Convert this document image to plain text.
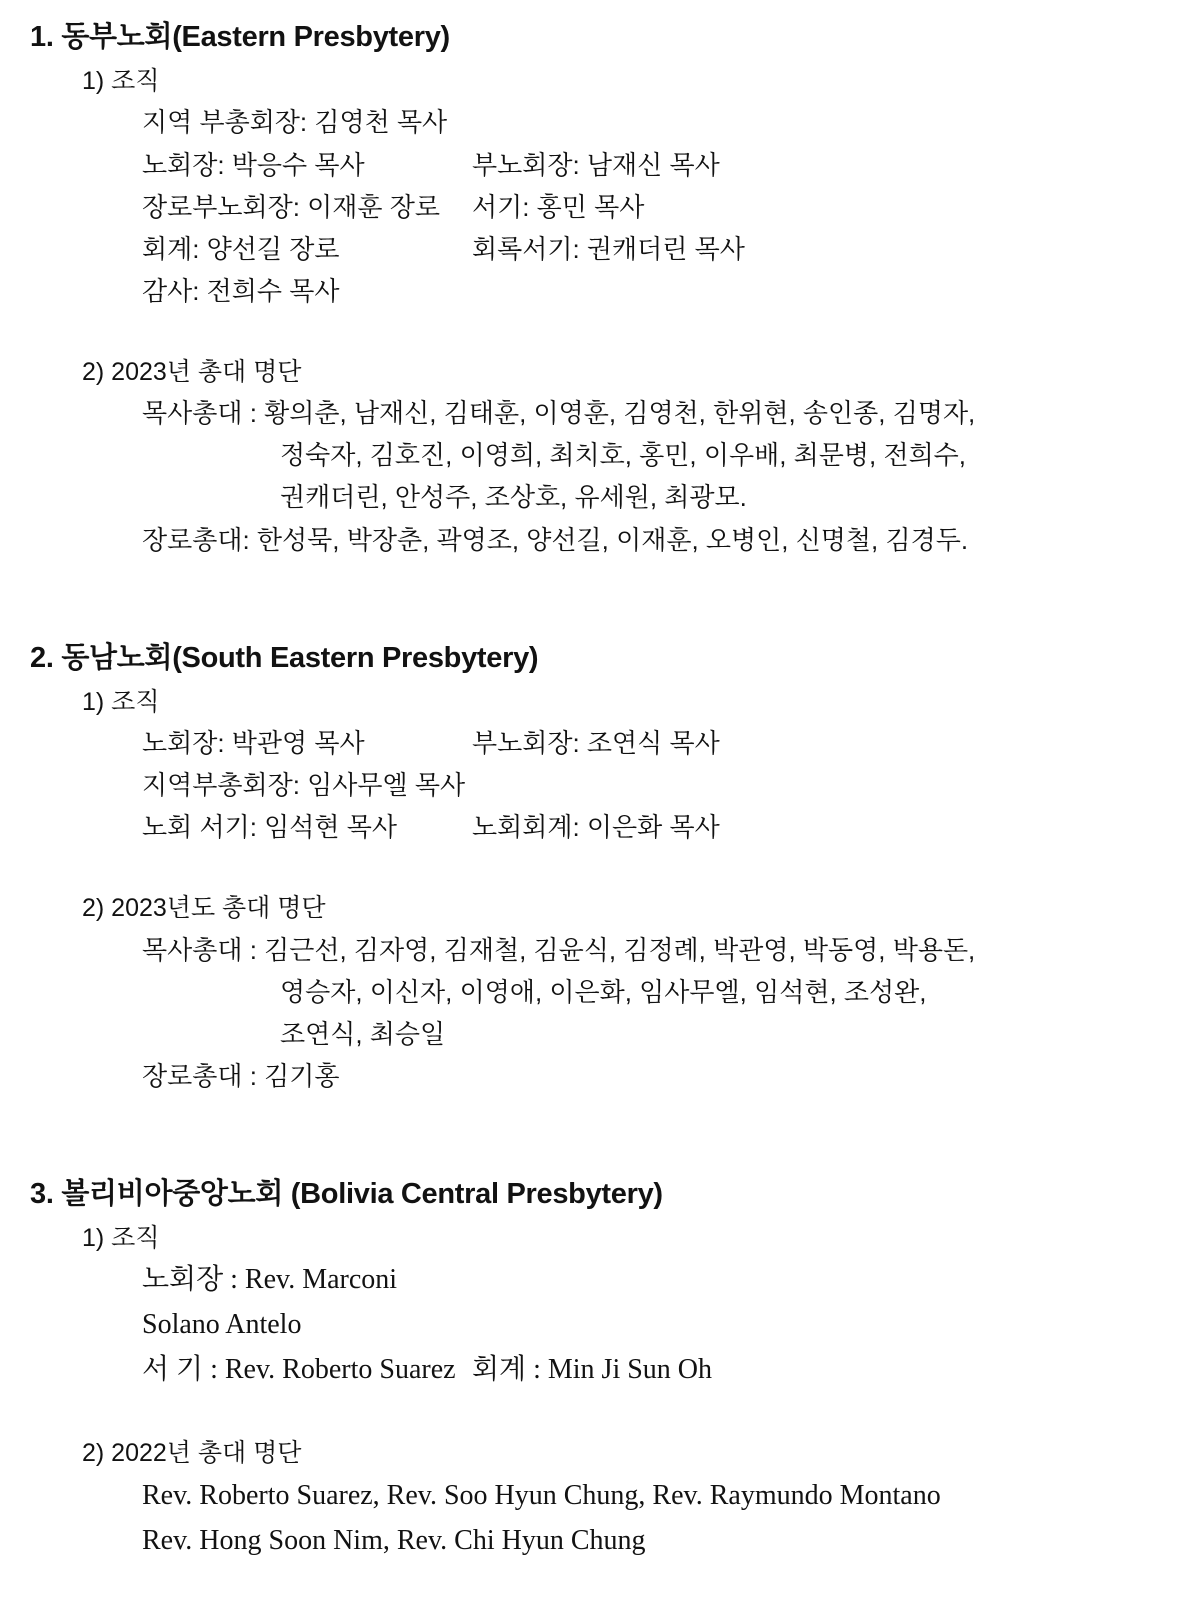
1. 동부노회(Eastern Presbytery)
1) 조직
지역 부총회장: 김영천 목사
노회장: 박응수 목사	부노회장: 남재신 목사
장로부노회장: 이재훈 장로	서기: 홍민 목사
회계: 양선길 장로	회록서기: 권캐더린 목사
감사: 전희수 목사
2) 2023년 총대 명단
목사총대 : 황의춘, 남재신, 김태훈, 이영훈, 김영천, 한위현, 송인종, 김명자,
정숙자, 김호진, 이영희, 최치호, 홍민, 이우배, 최문병, 전희수,
권캐더린, 안성주, 조상호, 유세원, 최광모.
장로총대: 한성묵, 박장춘, 곽영조, 양선길, 이재훈, 오병인, 신명철, 김경두.
2. 동남노회(South Eastern Presbytery)
1) 조직
노회장: 박관영 목사	부노회장: 조연식 목사
지역부총회장: 임사무엘 목사
노회 서기: 임석현 목사	노회회계: 이은화 목사
2) 2023년도 총대 명단
목사총대 : 김근선, 김자영, 김재철, 김윤식, 김정례, 박관영, 박동영, 박용돈,
영승자, 이신자, 이영애, 이은화, 임사무엘, 임석현, 조성완,
조연식, 최승일
장로총대 : 김기홍
3. 볼리비아중앙노회 (Bolivia Central Presbytery)
1) 조직
노회장 : Rev. Marconi Solano Antelo
서 기 : Rev. Roberto Suarez 회계 : Min Ji Sun Oh
2) 2022년 총대 명단
Rev. Roberto Suarez, Rev. Soo Hyun Chung, Rev. Raymundo Montano
Rev. Hong Soon Nim, Rev. Chi Hyun Chung
